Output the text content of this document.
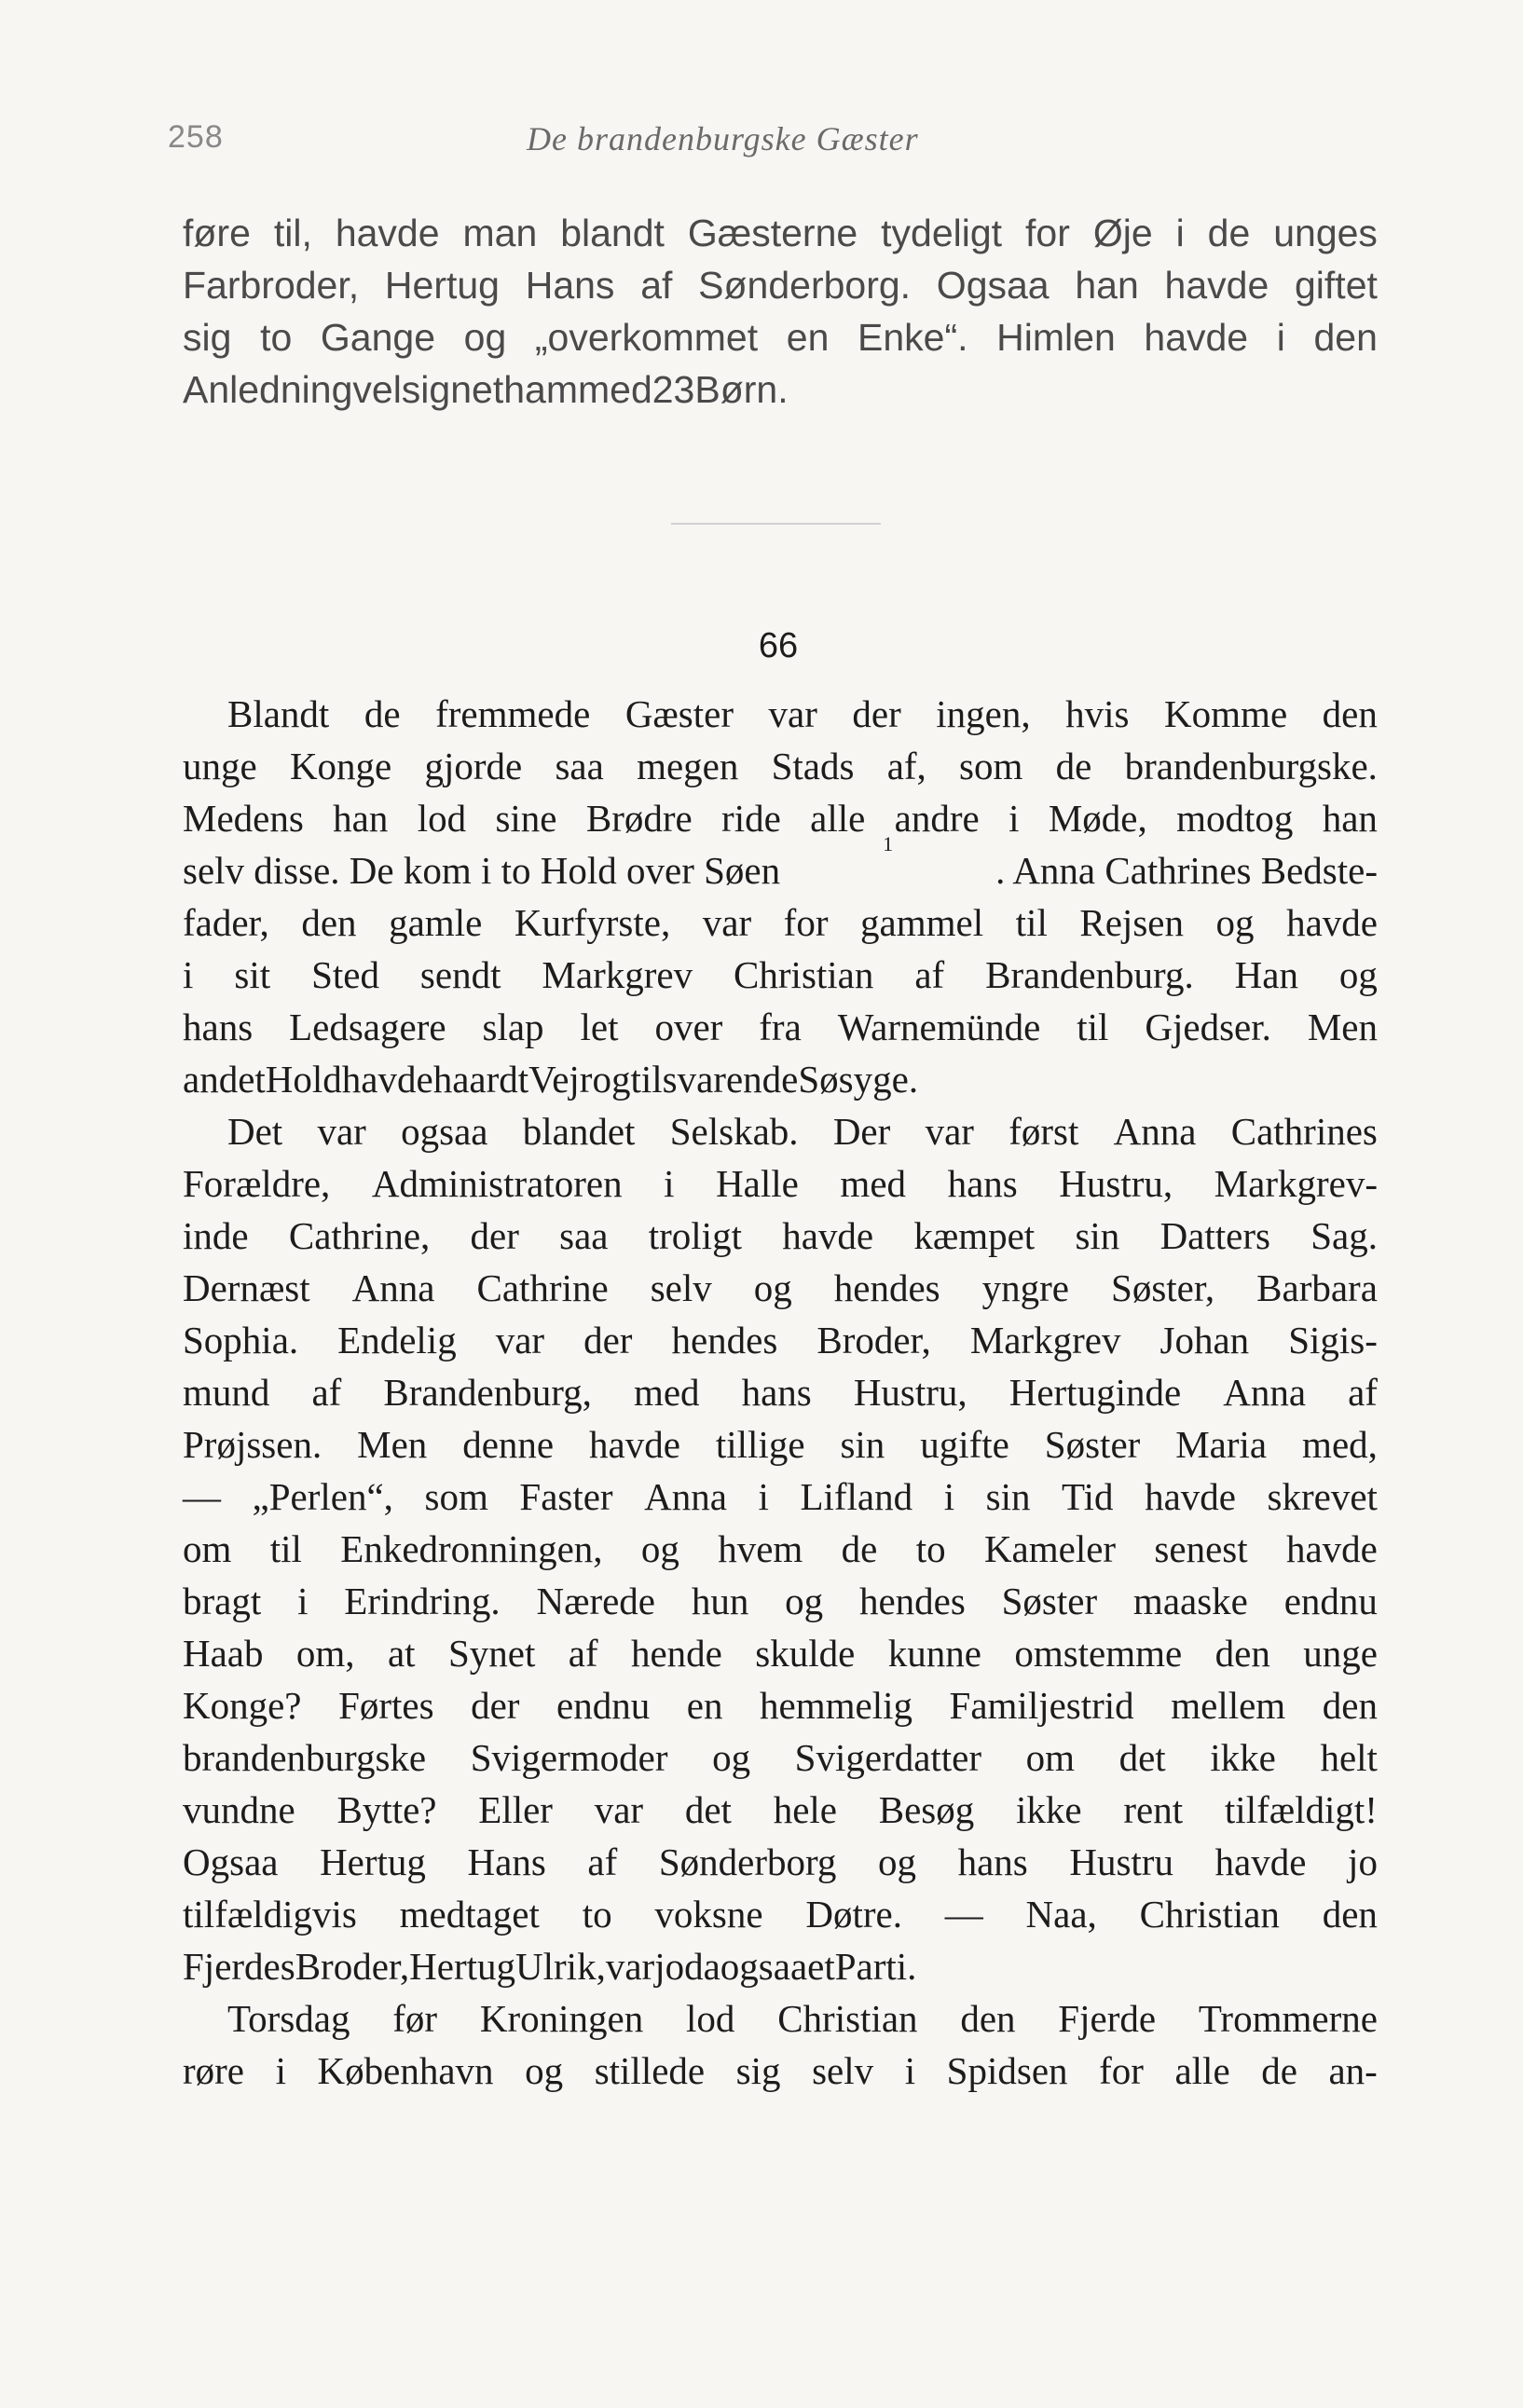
258	De brandenburgske Gæster
føre til, havde man blandt Gæsterne tydeligt for Øje i de unges
Farbroder, Hertug Hans af Sønderborg. Ogsaa han havde giftet
sig to Gange og „overkommet en Enke“. Himlen havde i den
Anledning velsignet ham med 23 Børn.
66
Blandt de fremmede Gæster var der ingen, hvis Komme den
unge Konge gjorde saa megen Stads af, som de brandenburgske.
Medens han lod sine Brødre ride alle andre i Møde, modtog han
selv disse. De kom i to Hold over Søen
1
. Anna Cathrines Bedste-
fader, den gamle Kurfyrste, var for gammel til Rejsen og havde
i sit Sted sendt Markgrev Christian af Brandenburg. Han og
hans Ledsagere slap let over fra Warnemünde til Gjedser. Men
andet Hold havde haardt Vejr og tilsvarende Søsyge.
Det var ogsaa blandet Selskab. Der var først Anna Cathrines
Forældre, Administratoren i Halle med hans Hustru, Markgrev-
inde Cathrine, der saa troligt havde kæmpet sin Datters Sag.
Dernæst Anna Cathrine selv og hendes yngre Søster, Barbara
Sophia. Endelig var der hendes Broder, Markgrev Johan Sigis-
mund af Brandenburg, med hans Hustru, Hertuginde Anna af
Prøjssen. Men denne havde tillige sin ugifte Søster Maria med,
— „Perlen“, som Faster Anna i Lifland i sin Tid havde skrevet
om til Enkedronningen, og hvem de to Kameler senest havde
bragt i Erindring. Nærede hun og hendes Søster maaske endnu
Haab om, at Synet af hende skulde kunne omstemme den unge
Konge? Førtes der endnu en hemmelig Familjestrid mellem den
brandenburgske Svigermoder og Svigerdatter om det ikke helt
vundne Bytte? Eller var det hele Besøg ikke rent tilfældigt!
Ogsaa Hertug Hans af Sønderborg og hans Hustru havde jo
tilfældigvis medtaget to voksne Døtre. — Naa, Christian den
Fjerdes Broder, Hertug Ulrik, var jo da ogsaa et Parti.
Torsdag før Kroningen lod Christian den Fjerde Trommerne
røre i København og stillede sig selv i Spidsen for alle de an-
